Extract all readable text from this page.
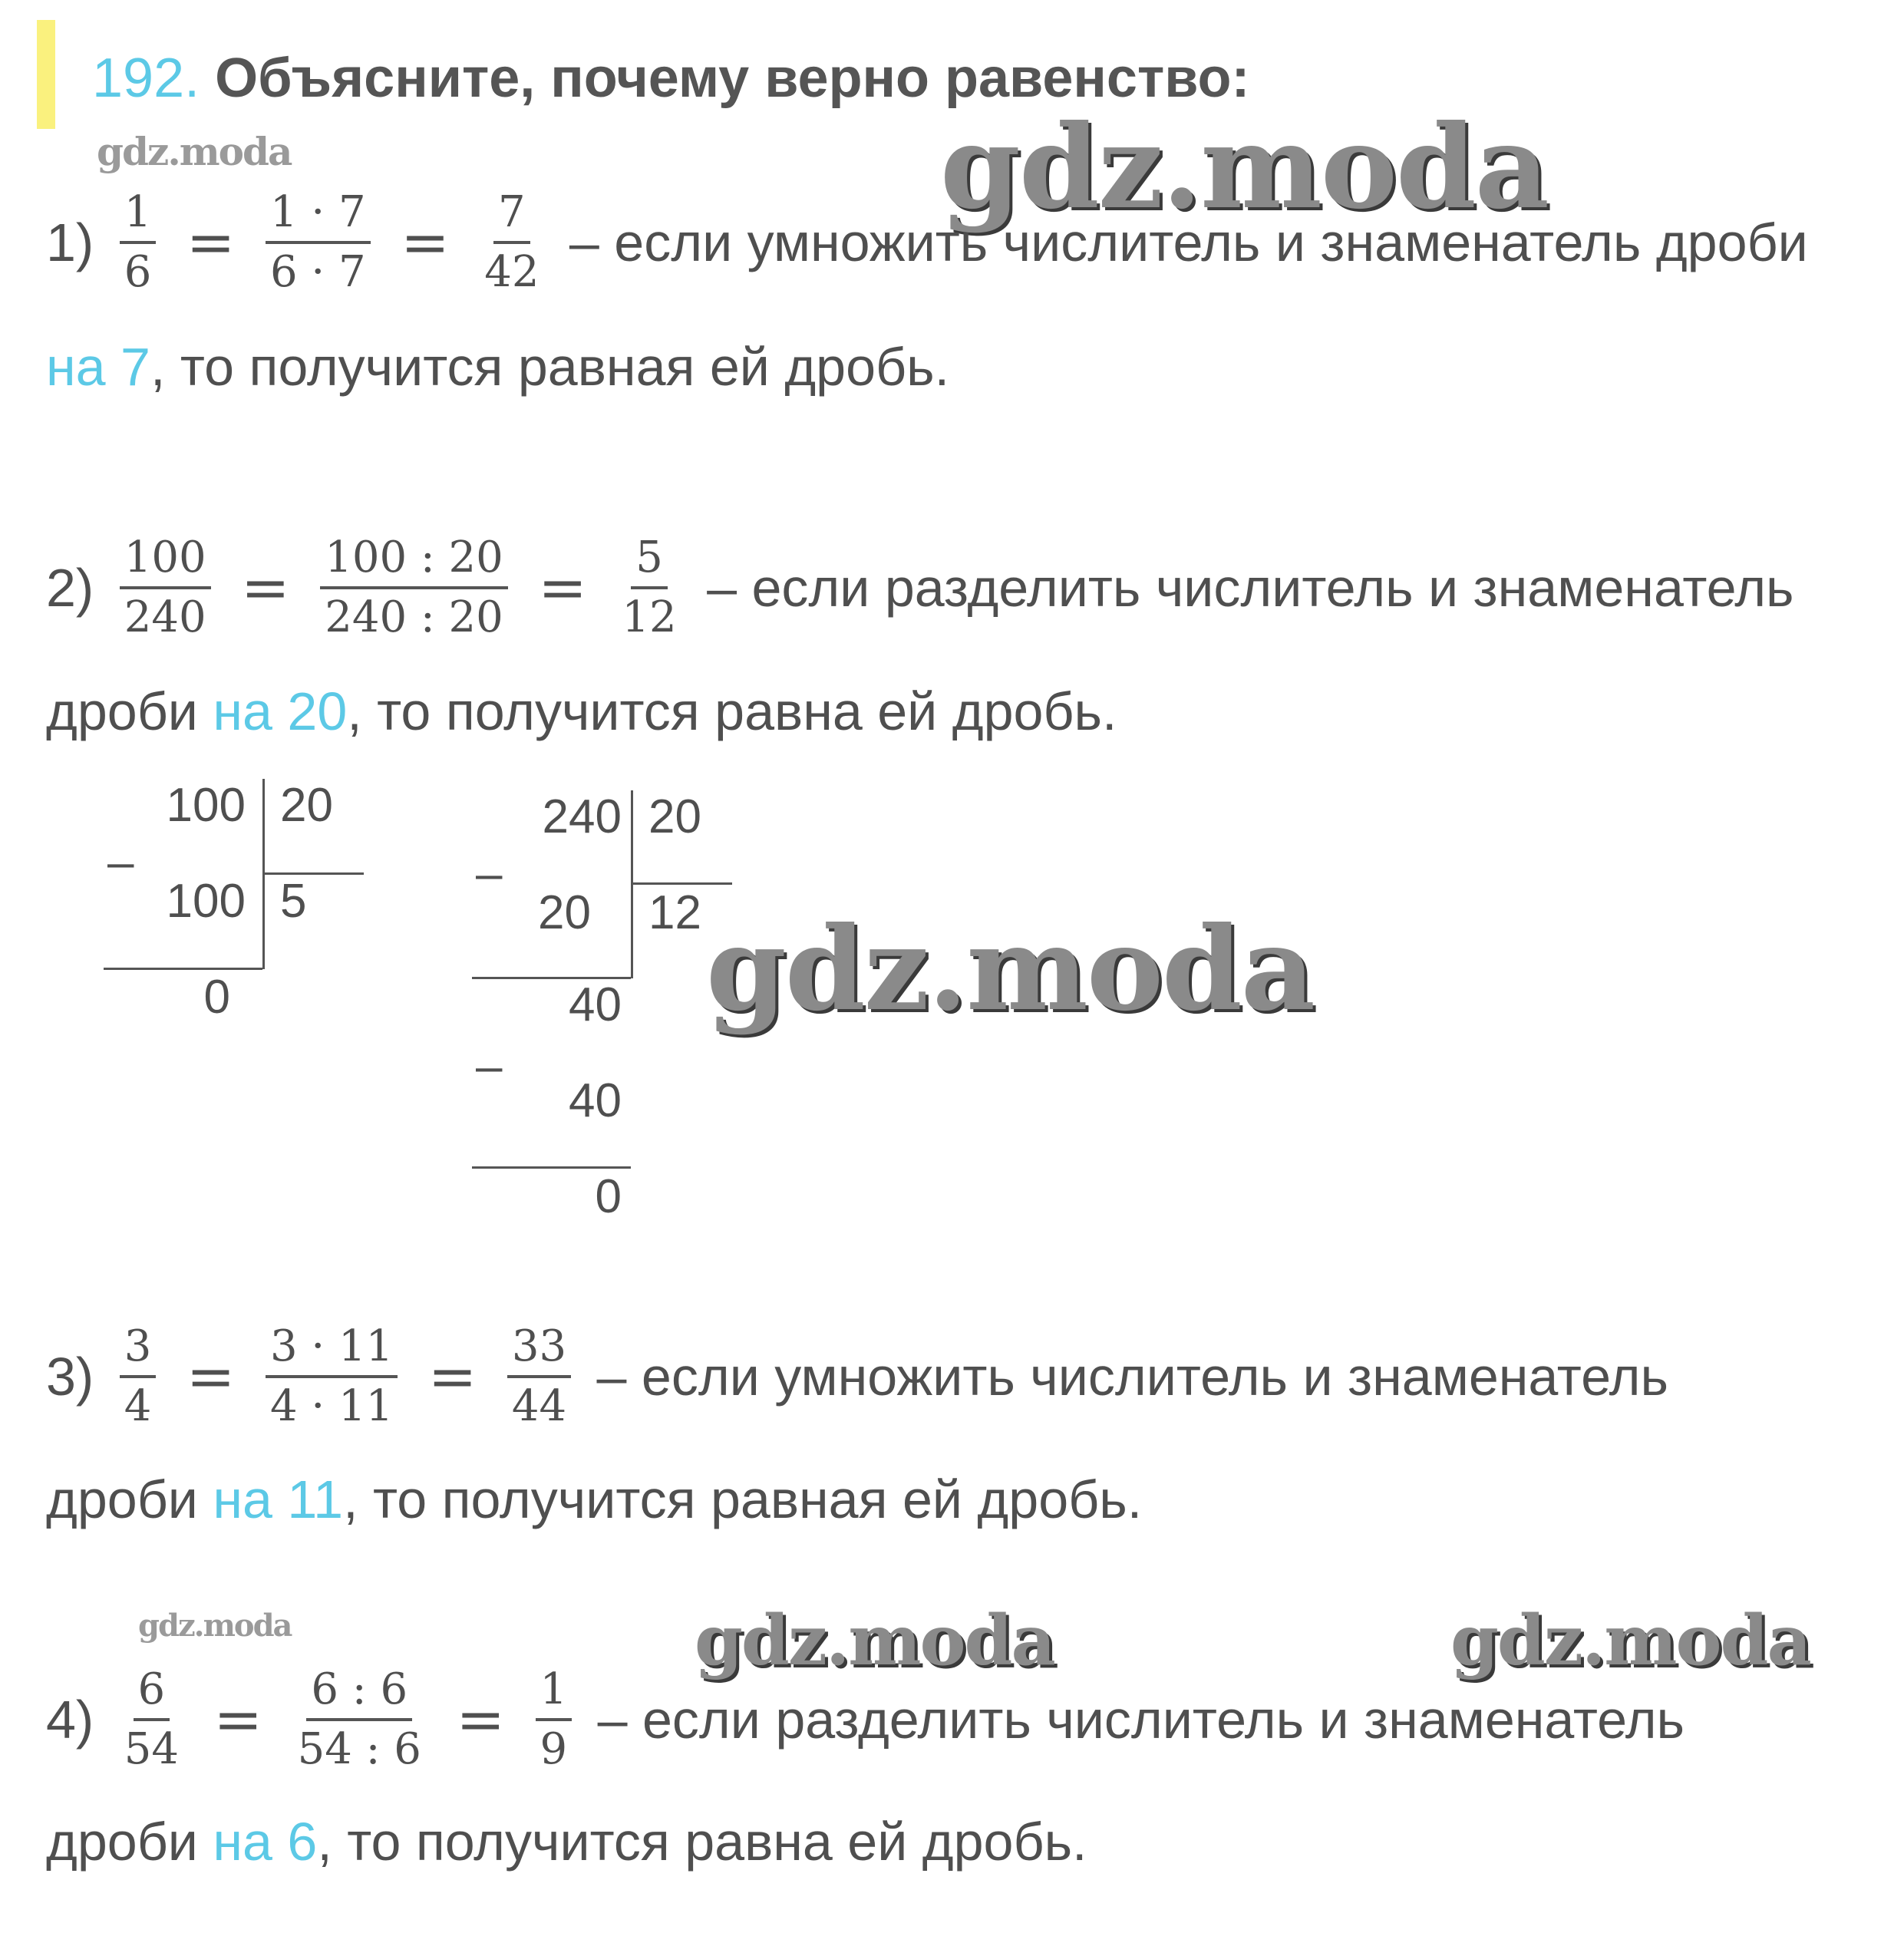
192. Объясните, почему верно равенство:
gdz.moda	gdz.moda
gdz.moda
gdz.moda	gdz.moda	gdz.moda
$1) \frac{1}{6} = \frac{1 \cdot 7}{6 \cdot 7} = \frac{7}{42}$ – если умножить числитель и знаменатель дроби
на 7, то получится равная ей дробь.
$2) \frac{100}{240} = \frac{100 : 20}{240 : 20} = \frac{5}{12}$ – если разделить числитель и знаменатель
дроби на 20, то получится равна ей дробь.
100 20
–
100 5
0
240 20
–
20 12
40
–
40
0
$3) \frac{3}{4} = \frac{3 \cdot 11}{4 \cdot 11} = \frac{33}{44}$ – если умножить числитель и знаменатель
дроби на 11, то получится равная ей дробь.
$4) \frac{6}{54} = \frac{6 : 6}{54 : 6} = \frac{1}{9}$ – если разделить числитель и знаменатель
дроби на 6, то получится равна ей дробь.
